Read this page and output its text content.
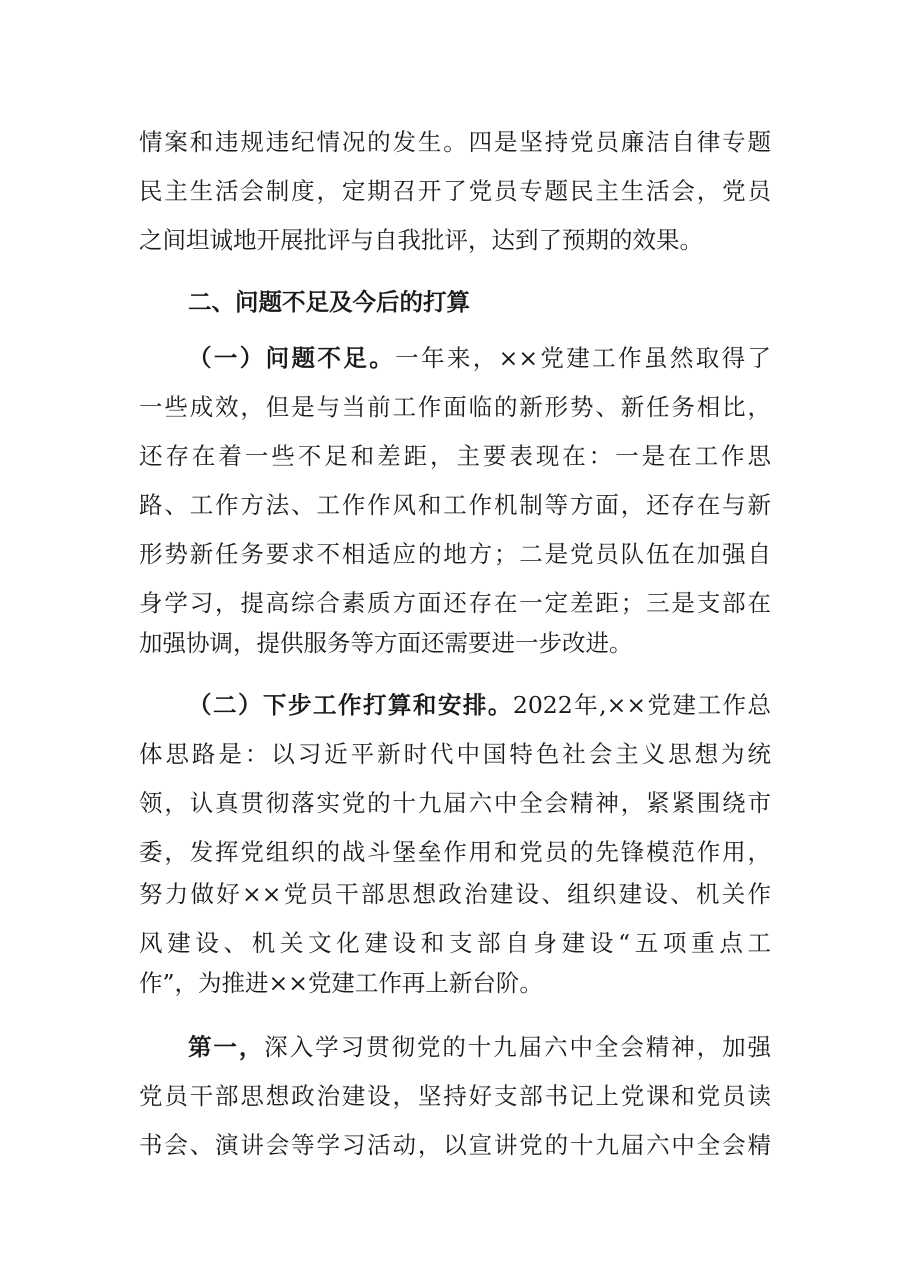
情案和违规违纪情况的发生。四是坚持党员廉洁自律专题
民主生活会制度，定期召开了党员专题民主生活会，党员
之间坦诚地开展批评与自我批评，达到了预期的效果。
二、问题不足及今后的打算
（一）问题不足。一年来，××党建工作虽然取得了
一些成效，但是与当前工作面临的新形势、新任务相比，
还存在着一些不足和差距，主要表现在：一是在工作思
路、工作方法、工作作风和工作机制等方面，还存在与新
形势新任务要求不相适应的地方；二是党员队伍在加强自
身学习，提高综合素质方面还存在一定差距；三是支部在
加强协调，提供服务等方面还需要进一步改进。
（二）下步工作打算和安排。2022年,××党建工作总
体思路是：以习近平新时代中国特色社会主义思想为统
领，认真贯彻落实党的十九届六中全会精神，紧紧围绕市
委，发挥党组织的战斗堡垒作用和党员的先锋模范作用，
努力做好××党员干部思想政治建设、组织建设、机关作
风建设、机关文化建设和支部自身建设“五项重点工
作”，为推进××党建工作再上新台阶。
第一，深入学习贯彻党的十九届六中全会精神，加强
党员干部思想政治建设，坚持好支部书记上党课和党员读
书会、演讲会等学习活动，以宣讲党的十九届六中全会精
